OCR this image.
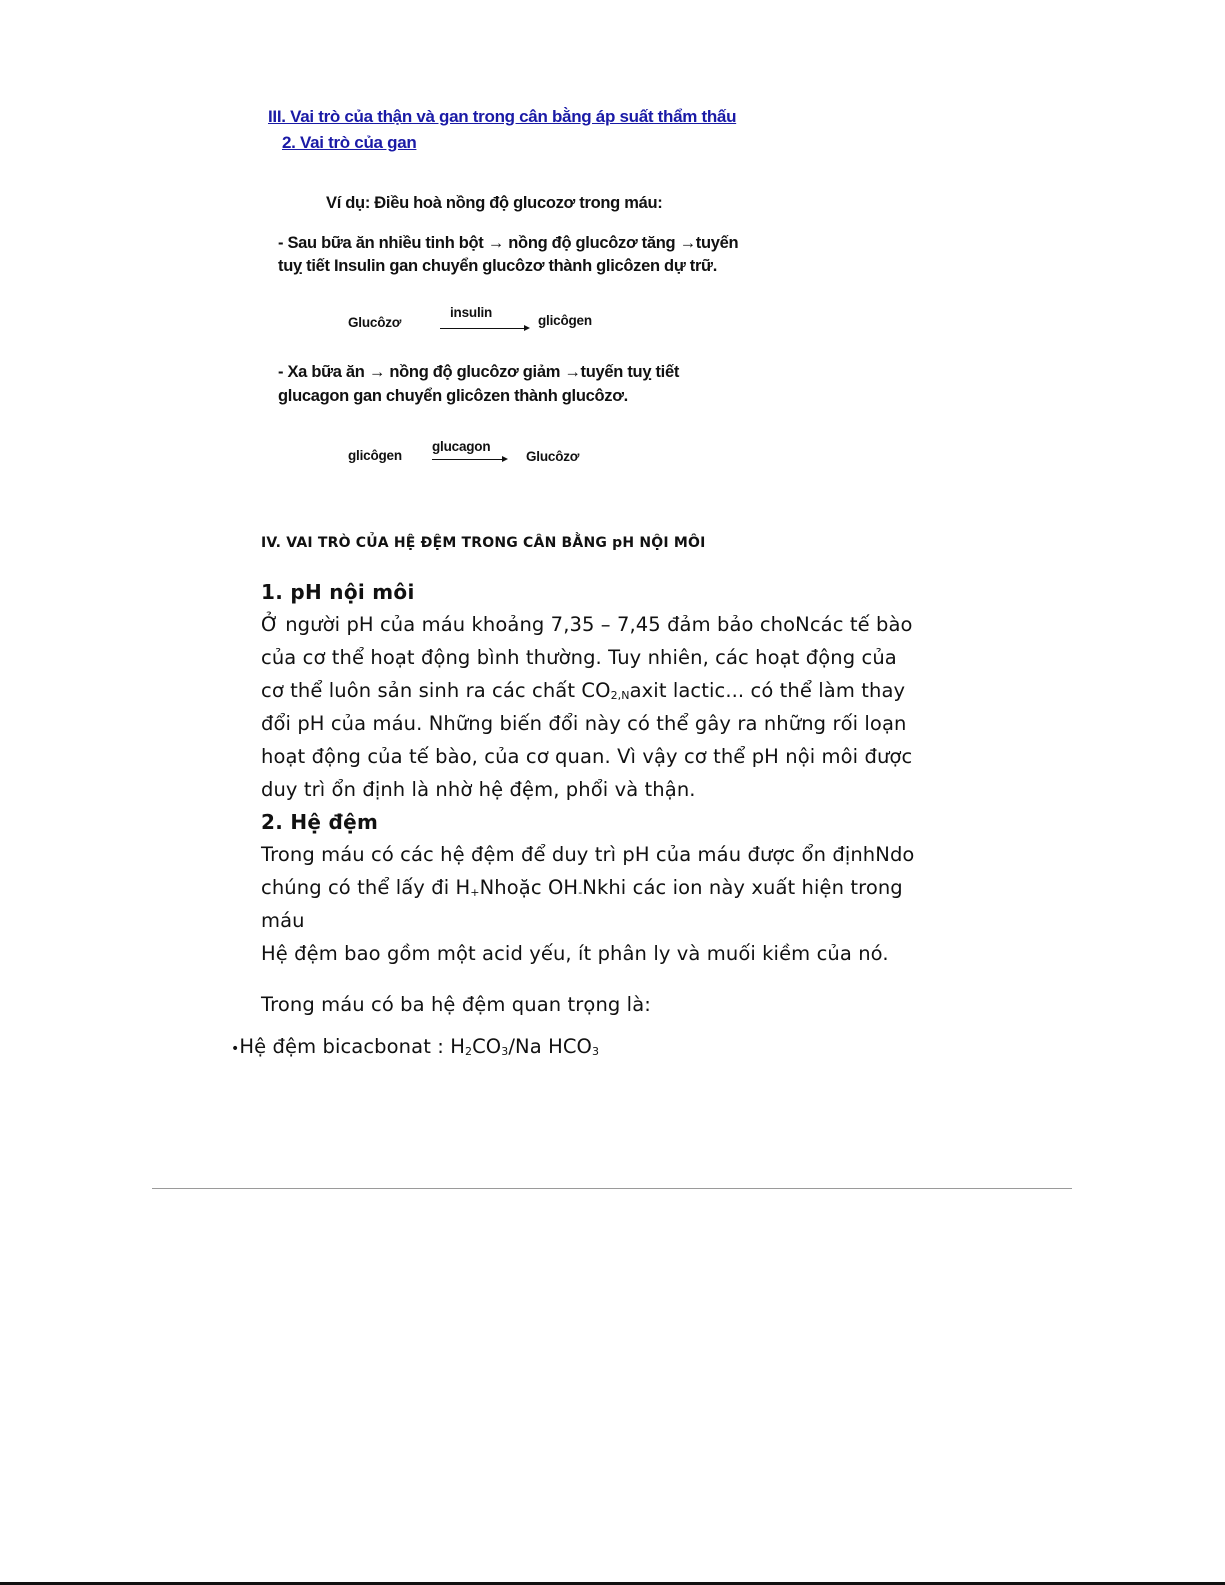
III. Vai trò của thận và gan trong cân bằng áp suất thẩm thấu
2. Vai trò của gan
Ví dụ: Điều hoà nồng độ glucozơ trong máu:
- Sau bữa ăn nhiều tinh bột → nồng độ glucôzơ tăng →tuyến
tuỵ tiết Insulin gan chuyển glucôzơ thành glicôzen dự trữ.
Glucôzơ
insulin
glicôgen
- Xa bữa ăn → nồng độ glucôzơ giảm →tuyến tuỵ tiết
glucagon gan chuyển glicôzen thành glucôzơ.
glicôgen
glucagon
Glucôzơ
IV. VAI TRÒ CỦA HỆ ĐỆM TRONG CÂN BẰNG pH NỘI MÔI
1. pH nội môi
Ở người pH của máu khoảng 7,35 – 7,45 đảm bảo choNcác tế bào
của cơ thể hoạt động bình thường. Tuy nhiên, các hoạt động của
cơ thể luôn sản sinh ra các chất CO2,Naxit lactic... có thể làm thay
đổi pH của máu. Những biến đổi này có thể gây ra những rối loạn
hoạt động của tế bào, của cơ quan. Vì vậy cơ thể pH nội môi được
duy trì ổn định là nhờ hệ đệm, phổi và thận.
2. Hệ đệm
Trong máu có các hệ đệm để duy trì pH của máu được ổn địnhNdo
chúng có thể lấy đi H+Nhoặc OH-Nkhi các ion này xuất hiện trong
máu
Hệ đệm bao gồm một acid yếu, ít phân ly và muối kiềm của nó.
Trong máu có ba hệ đệm quan trọng là:
•Hệ đệm bicacbonat : H2CO3/Na HCO3
